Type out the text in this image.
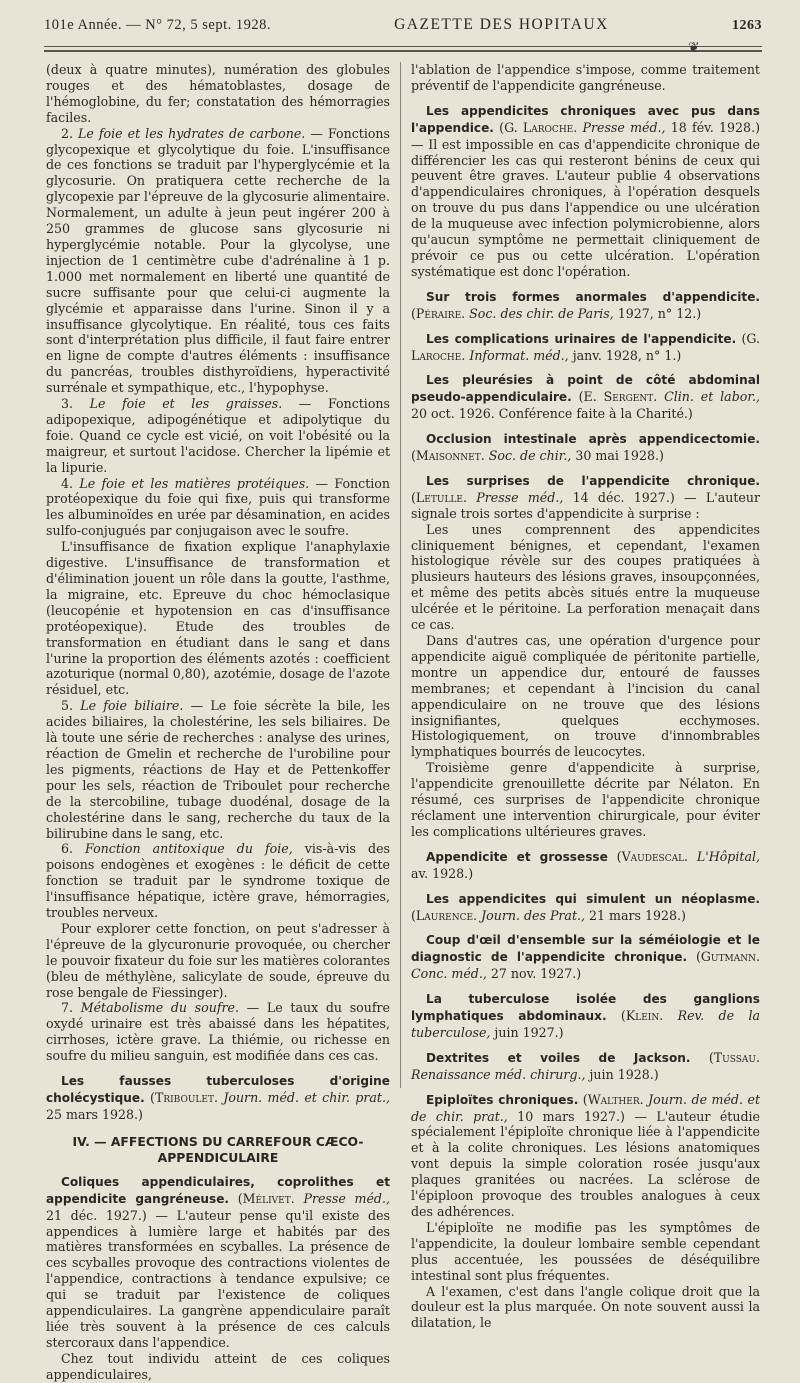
101e Année. — N° 72, 5 sept. 1928.	GAZETTE DES HOPITAUX	1263
❦

(deux à quatre minutes), numération des globules rouges et des hématoblastes, dosage de l'hémoglobine, du fer; constatation des hémorragies faciles.

2. Le foie et les hydrates de carbone. — Fonctions glycopexique et glycolytique du foie. L'insuffisance de ces fonctions se traduit par l'hyperglycémie et la glycosurie. On pratiquera cette recherche de la glycopexie par l'épreuve de la glycosurie alimentaire. Normalement, un adulte à jeun peut ingérer 200 à 250 grammes de glucose sans glycosurie ni hyperglycémie notable. Pour la glycolyse, une injection de 1 centimètre cube d'adrénaline à 1 p. 1.000 met normalement en liberté une quantité de sucre suffisante pour que celui-ci augmente la glycémie et apparaisse dans l'urine. Sinon il y a insuffisance glycolytique. En réalité, tous ces faits sont d'interprétation plus difficile, il faut faire entrer en ligne de compte d'autres éléments : insuffisance du pancréas, troubles disthyroïdiens, hyperactivité surrénale et sympathique, etc., l'hypophyse.

3. Le foie et les graisses. — Fonctions adipopexique, adipogénétique et adipolytique du foie. Quand ce cycle est vicié, on voit l'obésité ou la maigreur, et surtout l'acidose. Chercher la lipémie et la lipurie.

4. Le foie et les matières protéiques. — Fonction protéopexique du foie qui fixe, puis qui transforme les albuminoïdes en urée par désamination, en acides sulfo-conjugués par conjugaison avec le soufre.

L'insuffisance de fixation explique l'anaphylaxie digestive. L'insuffisance de transformation et d'élimination jouent un rôle dans la goutte, l'asthme, la migraine, etc. Epreuve du choc hémoclasique (leucopénie et hypotension en cas d'insuffisance protéopexique). Etude des troubles de transformation en étudiant dans le sang et dans l'urine la proportion des éléments azotés : coefficient azoturique (normal 0,80), azotémie, dosage de l'azote résiduel, etc.

5. Le foie biliaire. — Le foie sécrète la bile, les acides biliaires, la cholestérine, les sels biliaires. De là toute une série de recherches : analyse des urines, réaction de Gmelin et recherche de l'urobiline pour les pigments, réactions de Hay et de Pettenkoffer pour les sels, réaction de Triboulet pour recherche de la stercobiline, tubage duodénal, dosage de la cholestérine dans le sang, recherche du taux de la bilirubine dans le sang, etc.

6. Fonction antitoxique du foie, vis-à-vis des poisons endogènes et exogènes : le déficit de cette fonction se traduit par le syndrome toxique de l'insuffisance hépatique, ictère grave, hémorragies, troubles nerveux.

Pour explorer cette fonction, on peut s'adresser à l'épreuve de la glycuronurie provoquée, ou chercher le pouvoir fixateur du foie sur les matières colorantes (bleu de méthylène, salicylate de soude, épreuve du rose bengale de Fiessinger).

7. Métabolisme du soufre. — Le taux du soufre oxydé urinaire est très abaissé dans les hépatites, cirrhoses, ictère grave. La thiémie, ou richesse en soufre du milieu sanguin, est modifiée dans ces cas.

Les fausses tuberculoses d'origine cholécystique. (Triboulet. Journ. méd. et chir. prat., 25 mars 1928.)

IV. — AFFECTIONS DU CARREFOUR CÆCO-
APPENDICULAIRE

Coliques appendiculaires, coprolithes et appendicite gangréneuse. (Mélivet. Presse méd., 21 déc. 1927.) — L'auteur pense qu'il existe des appendices à lumière large et habités par des matières transformées en scyballes. La présence de ces scyballes provoque des contractions violentes de l'appendice, contractions à tendance expulsive; ce qui se traduit par l'existence de coliques appendiculaires. La gangrène appendiculaire paraît liée très souvent à la présence de ces calculs stercoraux dans l'appendice.

Chez tout individu atteint de ces coliques appendiculaires,

l'ablation de l'appendice s'impose, comme traitement préventif de l'appendicite gangréneuse.

Les appendicites chroniques avec pus dans l'appendice. (G. Laroche. Presse méd., 18 fév. 1928.) — Il est impossible en cas d'appendicite chronique de différencier les cas qui resteront bénins de ceux qui peuvent être graves. L'auteur publie 4 observations d'appendiculaires chroniques, à l'opération desquels on trouve du pus dans l'appendice ou une ulcération de la muqueuse avec infection polymicrobienne, alors qu'aucun symptôme ne permettait cliniquement de prévoir ce pus ou cette ulcération. L'opération systématique est donc l'opération.

Sur trois formes anormales d'appendicite. (Péraire. Soc. des chir. de Paris, 1927, n° 12.)

Les complications urinaires de l'appendicite. (G. Laroche. Informat. méd., janv. 1928, n° 1.)

Les pleurésies à point de côté abdominal pseudo-appendiculaire. (E. Sergent. Clin. et labor., 20 oct. 1926. Conférence faite à la Charité.)

Occlusion intestinale après appendicectomie. (Maisonnet. Soc. de chir., 30 mai 1928.)

Les surprises de l'appendicite chronique. (Letulle. Presse méd., 14 déc. 1927.) — L'auteur signale trois sortes d'appendicite à surprise :

Les unes comprennent des appendicites cliniquement bénignes, et cependant, l'examen histologique révèle sur des coupes pratiquées à plusieurs hauteurs des lésions graves, insoupçonnées, et même des petits abcès situés entre la muqueuse ulcérée et le péritoine. La perforation menaçait dans ce cas.

Dans d'autres cas, une opération d'urgence pour appendicite aiguë compliquée de péritonite partielle, montre un appendice dur, entouré de fausses membranes; et cependant à l'incision du canal appendiculaire on ne trouve que des lésions insignifiantes, quelques ecchymoses. Histologiquement, on trouve d'innombrables lymphatiques bourrés de leucocytes.

Troisième genre d'appendicite à surprise, l'appendicite grenouillette décrite par Nélaton. En résumé, ces surprises de l'appendicite chronique réclament une intervention chirurgicale, pour éviter les complications ultérieures graves.

Appendicite et grossesse (Vaudescal. L'Hôpital, av. 1928.)

Les appendicites qui simulent un néoplasme. (Laurence. Journ. des Prat., 21 mars 1928.)

Coup d'œil d'ensemble sur la séméiologie et le diagnostic de l'appendicite chronique. (Gutmann. Conc. méd., 27 nov. 1927.)

La tuberculose isolée des ganglions lymphatiques abdominaux. (Klein. Rev. de la tuberculose, juin 1927.)

Dextrites et voiles de Jackson. (Tussau. Renaissance méd. chirurg., juin 1928.)

Epiploïtes chroniques. (Walther. Journ. de méd. et de chir. prat., 10 mars 1927.) — L'auteur étudie spécialement l'épiploïte chronique liée à l'appendicite et à la colite chroniques. Les lésions anatomiques vont depuis la simple coloration rosée jusqu'aux plaques granitées ou nacrées. La sclérose de l'épiploon provoque des troubles analogues à ceux des adhérences.

L'épiploïte ne modifie pas les symptômes de l'appendicite, la douleur lombaire semble cependant plus accentuée, les poussées de déséquilibre intestinal sont plus fréquentes.

A l'examen, c'est dans l'angle colique droit que la douleur est la plus marquée. On note souvent aussi la dilatation, le
